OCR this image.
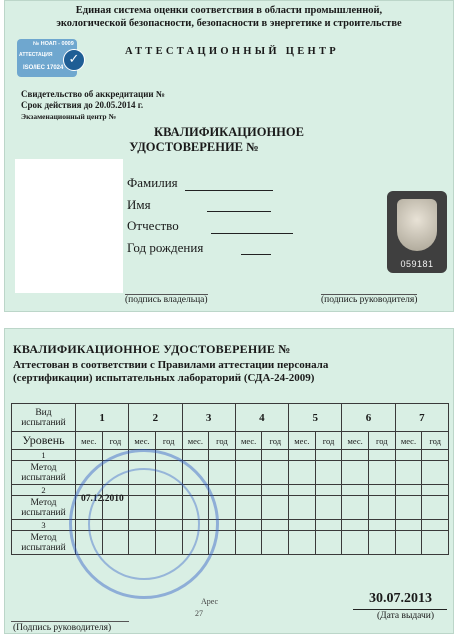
Единая система оценки соответствия в области промышленной,
экологической безопасности, безопасности в энергетике и строительстве
№ НОАП - 0009
АТТЕСТАЦИЯ
ISO/IEC 17024
✓
АТТЕСТАЦИОННЫЙ ЦЕНТР
Свидетельство об аккредитации №
Срок действия до 20.05.2014 г.
Экзаменационный центр №
КВАЛИФИКАЦИОННОЕ
УДОСТОВЕРЕНИЕ №
Фамилия
Имя
Отчество
Год рождения
059181
(подпись владельца)	(подпись руководителя)
КВАЛИФИКАЦИОННОЕ УДОСТОВЕРЕНИЕ №
Аттестован в соответствии с Правилами аттестации персонала
(сертификации) испытательных лабораторий (СДА-24-2009)
Вид испытаний	1		2		3		4		5		6		7	
Уровень	мес.	год	мес.	год	мес.	год	мес.	год	мес.	год	мес.	год	мес.	год
1														
Метод испытаний														
2														
Метод испытаний														
3														
Метод испытаний														
07.12.2010
Арес
27
30.07.2013
(Дата выдачи)
(Подпись руководителя)
